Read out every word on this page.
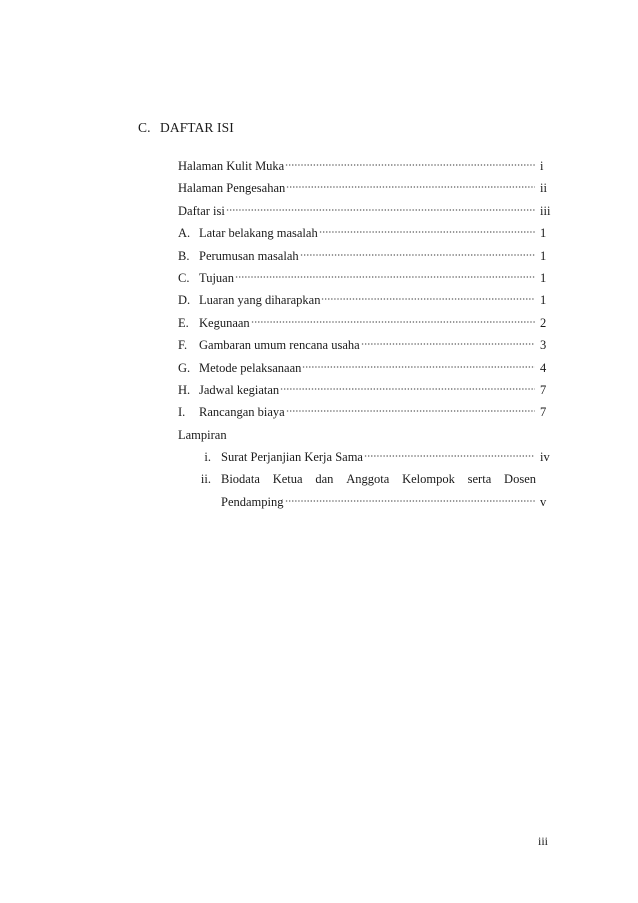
C. DAFTAR ISI
Halaman Kulit Muka	i
Halaman Pengesahan	ii
Daftar isi	iii
A. Latar belakang masalah	1
B. Perumusan masalah	1
C. Tujuan	1
D. Luaran yang diharapkan	1
E. Kegunaan	2
F. Gambaran umum rencana usaha	3
G. Metode pelaksanaan	4
H. Jadwal kegiatan	7
I.	Rancangan biaya	7
Lampiran
i. Surat Perjanjian Kerja Sama	iv
ii. Biodata Ketua dan Anggota Kelompok serta Dosen
Pendamping	v
iii
